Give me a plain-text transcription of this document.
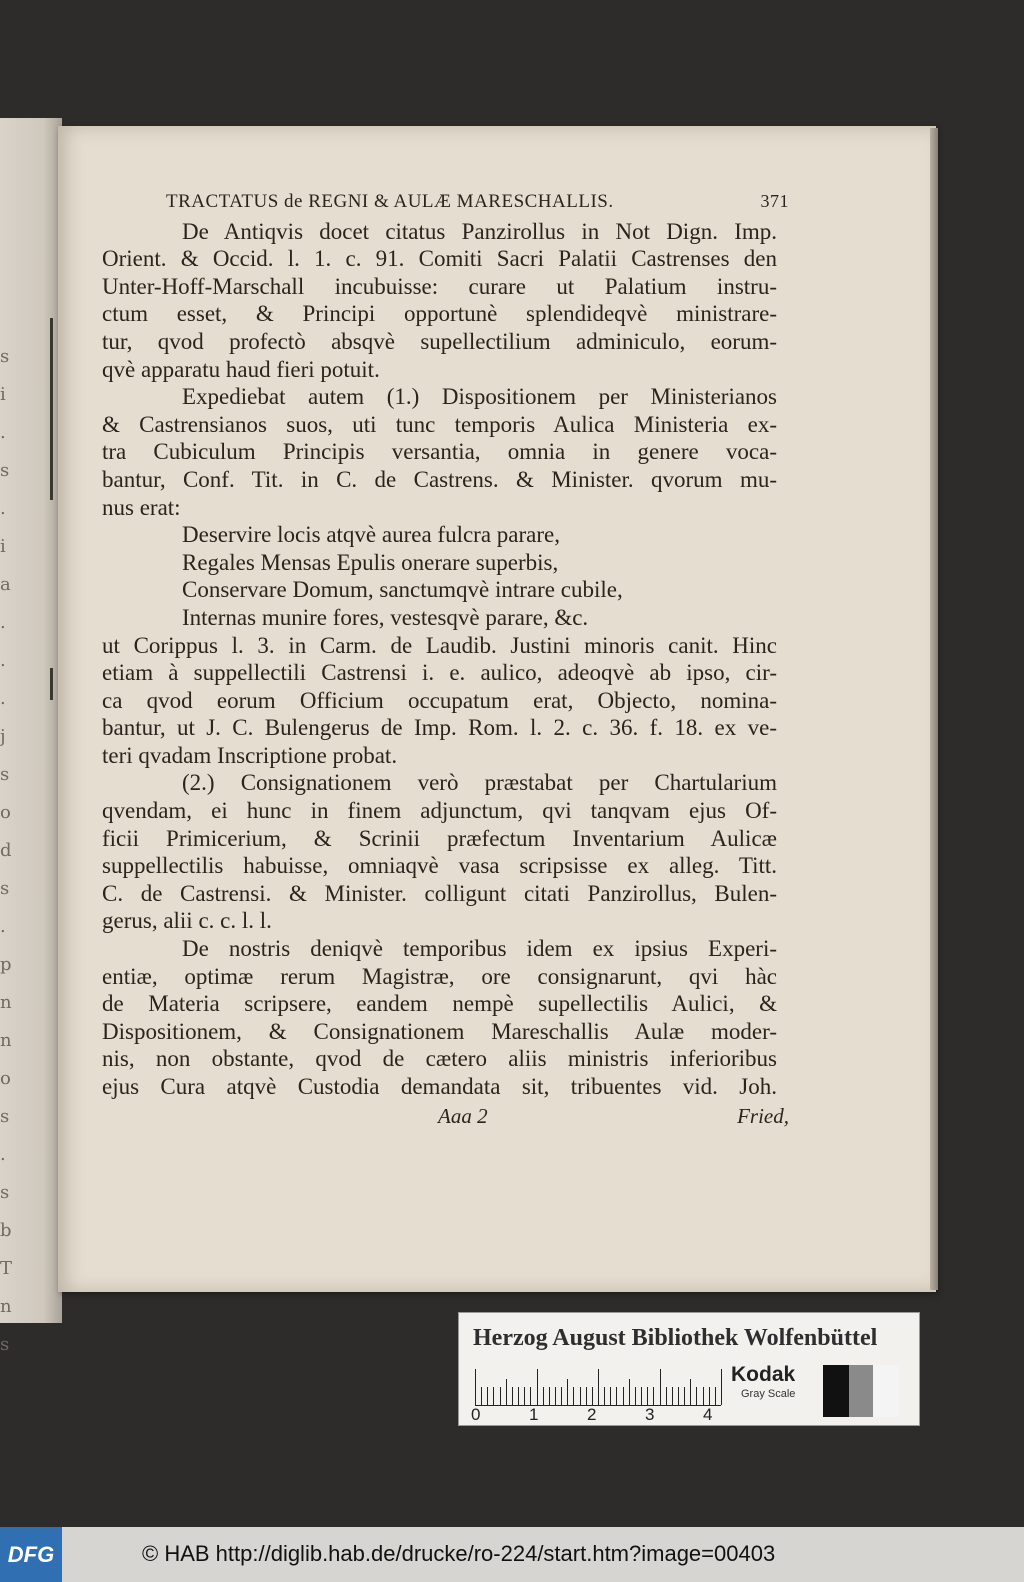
s
i
.
s
.
i
a
.
.
.
j
s
o
d
s
.
p
n
n
o
s
.
s
b
T
n
s
TRACTATUS de REGNI & AULÆ MARESCHALLIS.	371
De Antiqvis docet citatus Panzirollus in Not Dign. Imp.
Orient. & Occid. l. 1. c. 91. Comiti Sacri Palatii Castrenses den
Unter-Hoff-Marschall incubuisse: curare ut Palatium instru-
ctum esset, & Principi opportunè splendideqvè ministrare-
tur, qvod profectò absqvè supellectilium adminiculo, eorum-
qvè apparatu haud fieri potuit.
Expediebat autem (1.) Dispositionem per Ministerianos
& Castrensianos suos, uti tunc temporis Aulica Ministeria ex-
tra Cubiculum Principis versantia, omnia in genere voca-
bantur, Conf. Tit. in C. de Castrens. & Minister. qvorum mu-
nus erat:
Deservire locis atqvè aurea fulcra parare,
Regales Mensas Epulis onerare superbis,
Conservare Domum, sanctumqvè intrare cubile,
Internas munire fores, vestesqvè parare, &c.
ut Corippus l. 3. in Carm. de Laudib. Justini minoris canit. Hinc
etiam à suppellectili Castrensi i. e. aulico, adeoqvè ab ipso, cir-
ca qvod eorum Officium occupatum erat, Objecto, nomina-
bantur, ut J. C. Bulengerus de Imp. Rom. l. 2. c. 36. f. 18. ex ve-
teri qvadam Inscriptione probat.
(2.) Consignationem verò præstabat per Chartularium
qvendam, ei hunc in finem adjunctum, qvi tanqvam ejus Of-
ficii Primicerium, & Scrinii præfectum Inventarium Aulicæ
suppellectilis habuisse, omniaqvè vasa scripsisse ex alleg. Titt.
C. de Castrensi. & Minister. colligunt citati Panzirollus, Bulen-
gerus, alii c. c. l. l.
De nostris deniqvè temporibus idem ex ipsius Experi-
entiæ, optimæ rerum Magistræ, ore consignarunt, qvi hàc
de Materia scripsere, eandem nempè supellectilis Aulici, &
Dispositionem, & Consignationem Mareschallis Aulæ moder-
nis, non obstante, qvod de cætero aliis ministris inferioribus
ejus Cura atqvè Custodia demandata sit, tribuentes vid. Joh.
Aaa 2	Fried,
Herzog August Bibliothek Wolfenbüttel
0	1	2	3	4
Kodak
Gray Scale
DFG	© HAB http://diglib.hab.de/drucke/ro-224/start.htm?image=00403
